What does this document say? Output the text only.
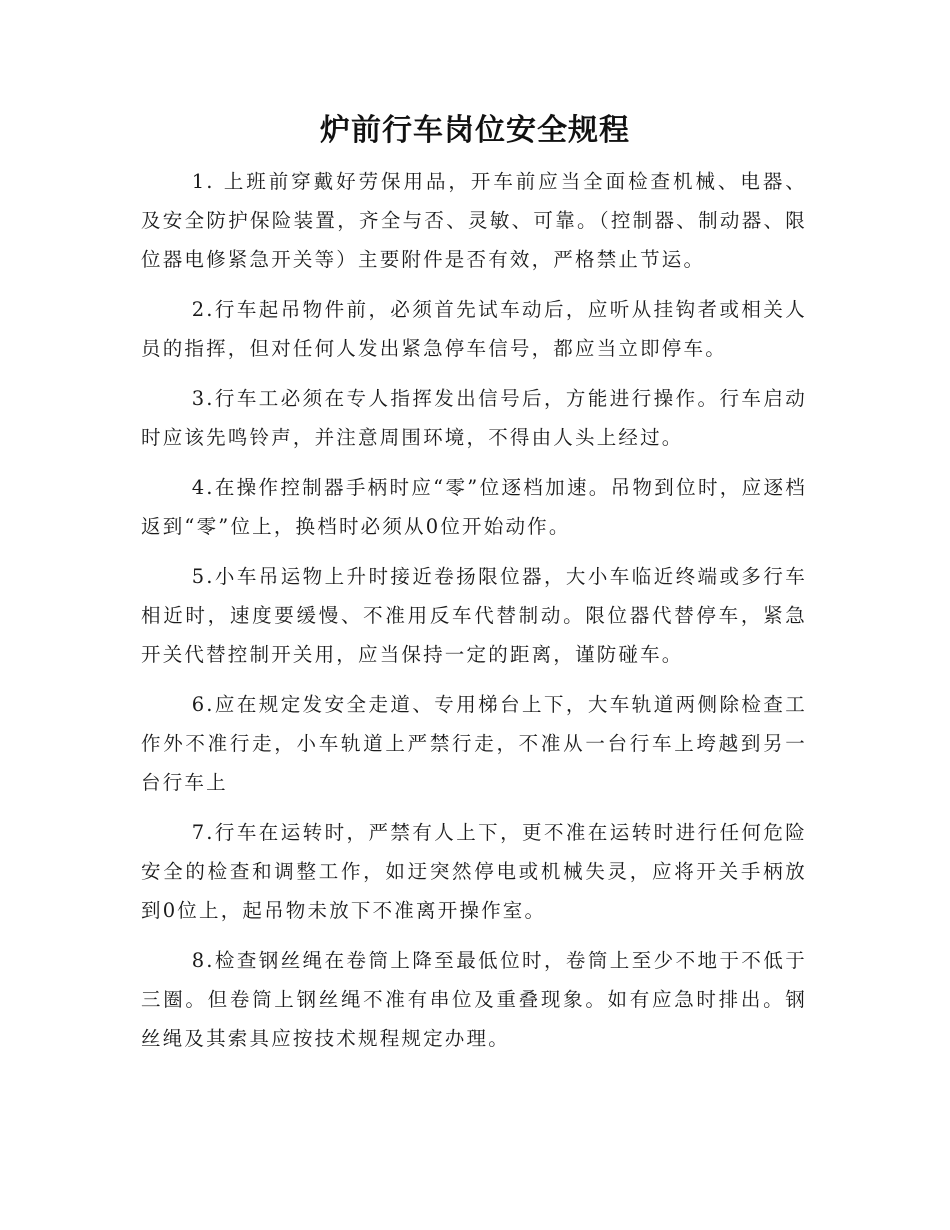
炉前行车岗位安全规程

1. 上班前穿戴好劳保用品，开车前应当全面检查机械、电器、及安全防护保险装置，齐全与否、灵敏、可靠。（控制器、制动器、限位器电修紧急开关等）主要附件是否有效，严格禁止节运。

2.行车起吊物件前，必须首先试车动后，应听从挂钩者或相关人员的指挥，但对任何人发出紧急停车信号，都应当立即停车。

3.行车工必须在专人指挥发出信号后，方能进行操作。行车启动时应该先鸣铃声，并注意周围环境，不得由人头上经过。

4.在操作控制器手柄时应“零”位逐档加速。吊物到位时，应逐档返到“零”位上，换档时必须从0位开始动作。

5.小车吊运物上升时接近卷扬限位器，大小车临近终端或多行车相近时，速度要缓慢、不准用反车代替制动。限位器代替停车，紧急开关代替控制开关用，应当保持一定的距离，谨防碰车。

6.应在规定发安全走道、专用梯台上下，大车轨道两侧除检查工作外不准行走，小车轨道上严禁行走，不准从一台行车上垮越到另一台行车上

7.行车在运转时，严禁有人上下，更不准在运转时进行任何危险安全的检查和调整工作，如迂突然停电或机械失灵，应将开关手柄放到0位上，起吊物未放下不准离开操作室。

8.检查钢丝绳在卷筒上降至最低位时，卷筒上至少不地于不低于三圈。但卷筒上钢丝绳不准有串位及重叠现象。如有应急时排出。钢丝绳及其索具应按技术规程规定办理。
